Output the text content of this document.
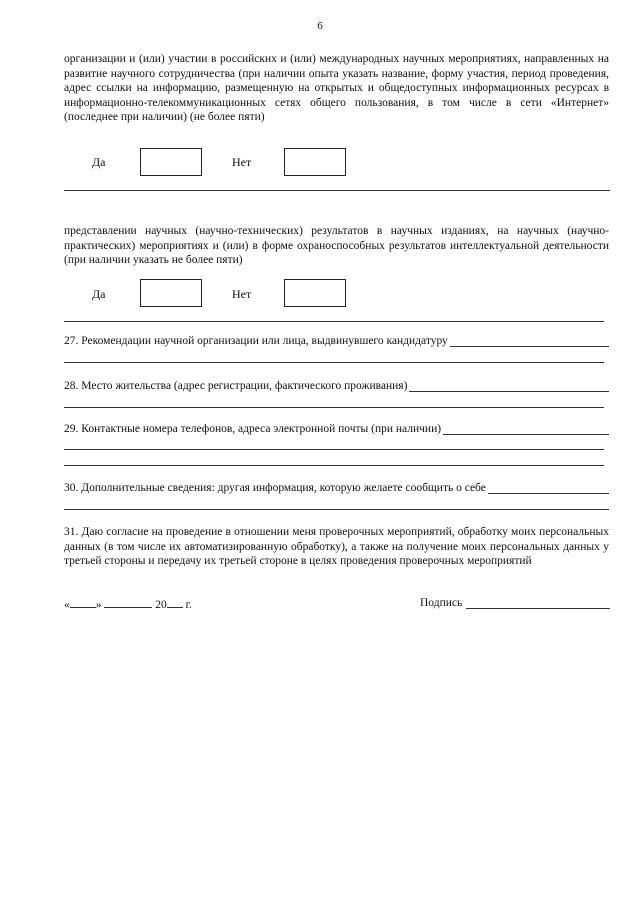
6
организации и (или) участии в российских и (или) международных научных мероприятиях, направленных на развитие научного сотрудничества (при наличии опыта указать название, форму участия, период проведения, адрес ссылки на информацию, размещенную на открытых и общедоступных информационных ресурсах в информационно-телекоммуникационных сетях общего пользования, в том числе в сети «Интернет» (последнее при наличии) (не более пяти)
Да	Нет
представлении научных (научно-технических) результатов в научных изданиях, на научных (научно-практических) мероприятиях и (или) в форме охраноспособных результатов интеллектуальной деятельности (при наличии указать не более пяти)
Да	Нет
27. Рекомендации научной организации или лица, выдвинувшего кандидатуру
28. Место жительства (адрес регистрации, фактического проживания)
29. Контактные номера телефонов, адреса электронной почты (при наличии)
30. Дополнительные сведения: другая информация, которую желаете сообщить о себе
31. Даю согласие на проведение в отношении меня проверочных мероприятий, обработку моих персональных данных (в том числе их автоматизированную обработку), а также на получение моих персональных данных у третьей стороны и передачу их третьей стороне в целях проведения проверочных мероприятий
« »	20 г.	Подпись
